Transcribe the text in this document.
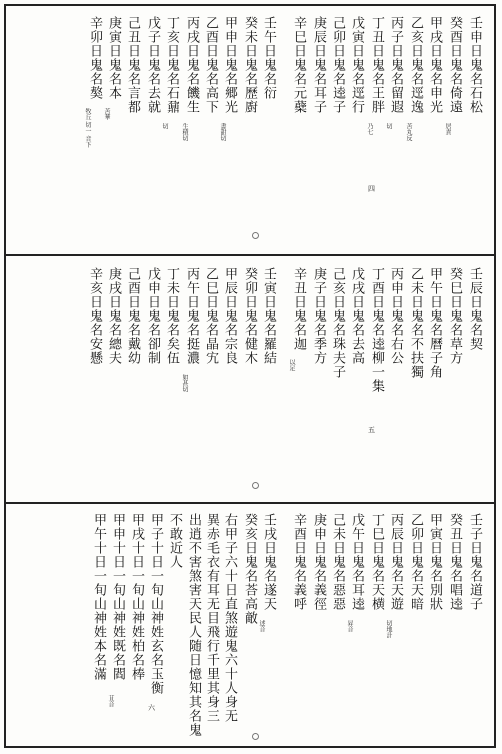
壬申日鬼名石松
癸酉日鬼名倚遠
居責
甲戌日鬼名申光
乙亥日鬼名逕逸
苦丸反
丙子日鬼名留遐
切
丁丑日鬼名王胖
乃七
戊寅日鬼名逕行
己卯日鬼名逵子
庚辰日鬼名耳子
辛巳日鬼名元蘗
壬午日鬼名衍
癸未日鬼名歷廚
甲申日鬼名郷光
書甜切
乙酉日鬼名高下
丙戌日鬼名饑生
生積切
丁亥日鬼名石鼐
切
戊子日鬼名去就
己丑日鬼名言都
庚寅日鬼名本
苦華
辛卯日鬼名獒
牧丘 切一 音下
四
壬辰日鬼名契
癸巳日鬼名草方
甲午日鬼名曆子角
乙未日鬼名不扶獨
丙申日鬼名右公
丁酉日鬼名逵柳一集
戊戌日鬼名去高
己亥日鬼名珠夫子
庚子日鬼名季方
辛丑日鬼名迦
以足
壬寅日鬼名羅結
癸卯日鬼名健木
甲辰日鬼名宗良
乙巳日鬼名晶宄
丙午日鬼名挺濃
如甚切
丁未日鬼名矣伍
戊申日鬼名卻制
己酉日鬼名戴幼
庚戌日鬼名總夫
辛亥日鬼名安懸
五
壬子日鬼名道子
癸丑日鬼名唱逵
甲寅日鬼名別狀
乙卯日鬼名天暗
丙辰日鬼名天遊
切地計
丁巳日鬼名天横
戊午日鬼名耳逵
昇音
己未日鬼名惡惡
庚申日鬼名義徑
辛酉日鬼名義呼
壬戌日鬼名遂天
述音
癸亥日鬼名荅高敵
右甲子六十日直煞遊鬼六十人身无
異赤毛衣有耳无目飛行千里其身三
出逍不害煞害天民人随日憶知其名鬼
不敢近人
甲子十日一旬山神姓玄名玉衡
甲戌十日一旬山神姓柏名棒
甲申十日一旬山神姓既名閻
苴音
甲午十日一旬山神姓本名滿
六
